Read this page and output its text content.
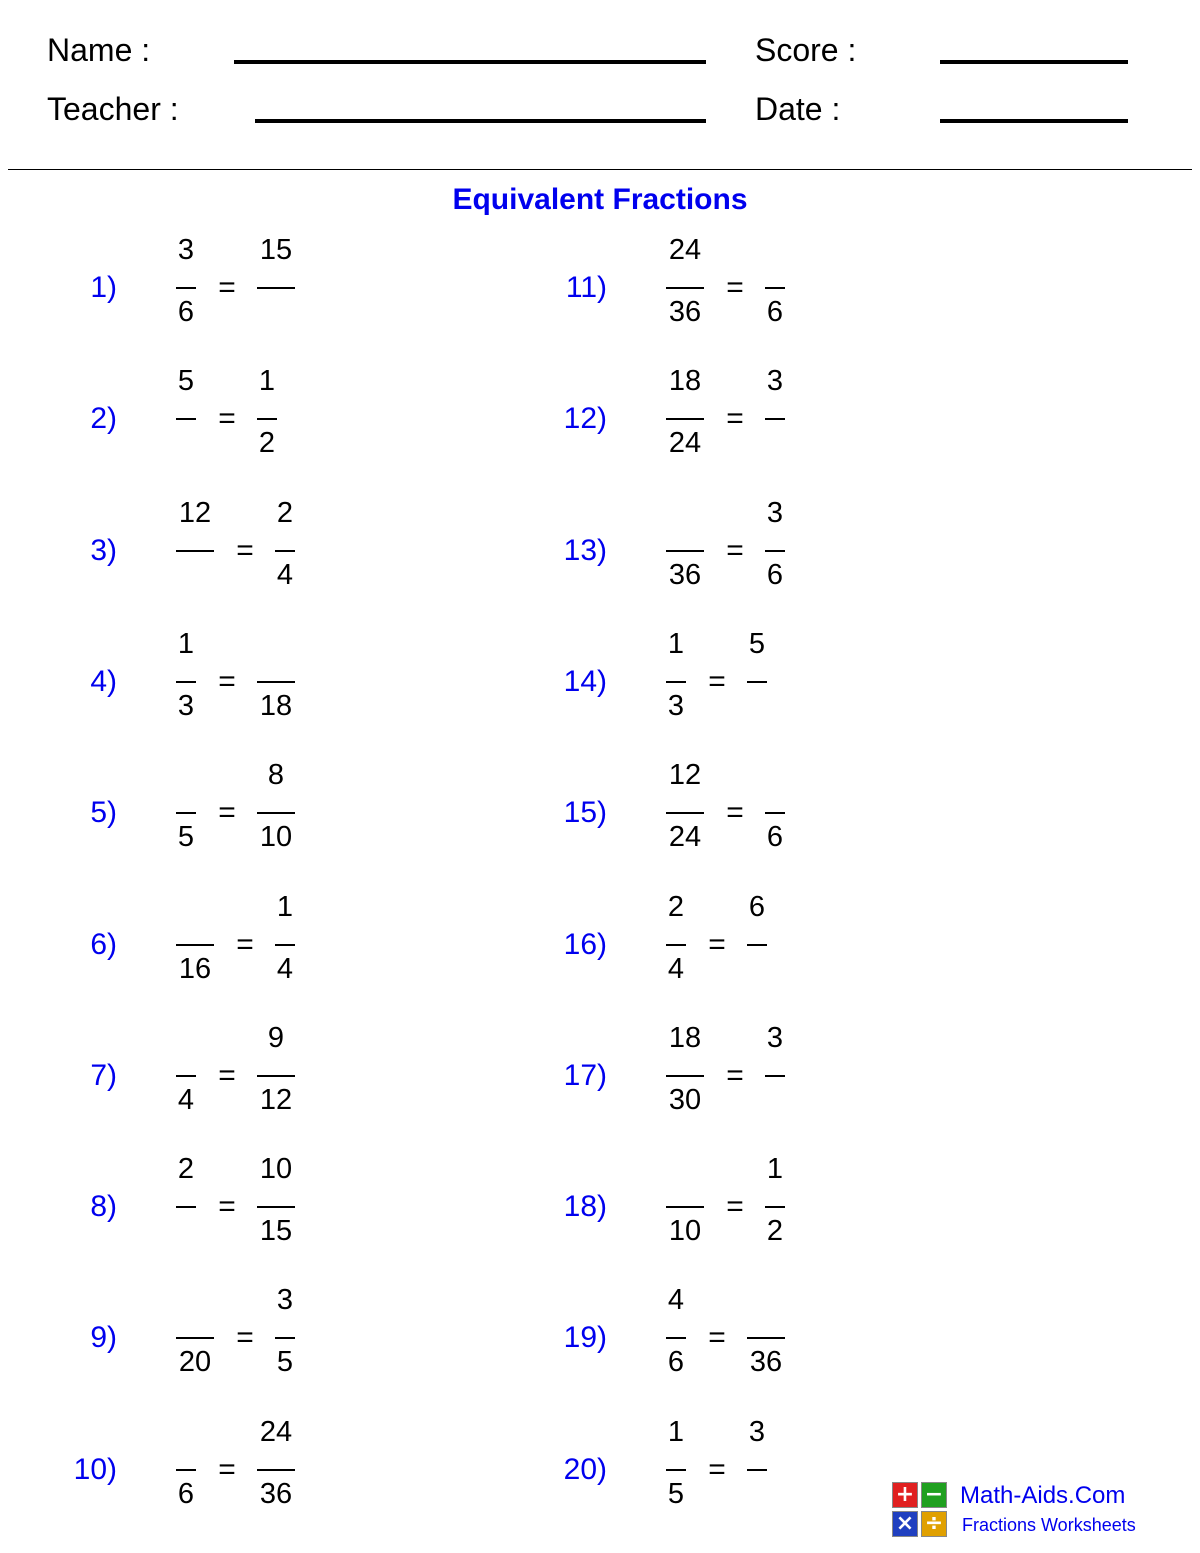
Name :	Score :
Teacher :	Date :
Equivalent Fractions
1)
3
6
=
15
2)
5
=
1
2
3)
12
=
2
4
4)
1
3
=
18
5)
5
=
8
10
6)
16
=
1
4
7)
4
=
9
12
8)
2
=
10
15
9)
20
=
3
5
10)
6
=
24
36
11)
24
36
=
6
12)
18
24
=
3
13)
36
=
3
6
14)
1
3
=
5
15)
12
24
=
6
16)
2
4
=
6
17)
18
30
=
3
18)
10
=
1
2
19)
4
6
=
36
20)
1
5
=
3
+ −
× ÷
Math-Aids.Com
Fractions Worksheets
